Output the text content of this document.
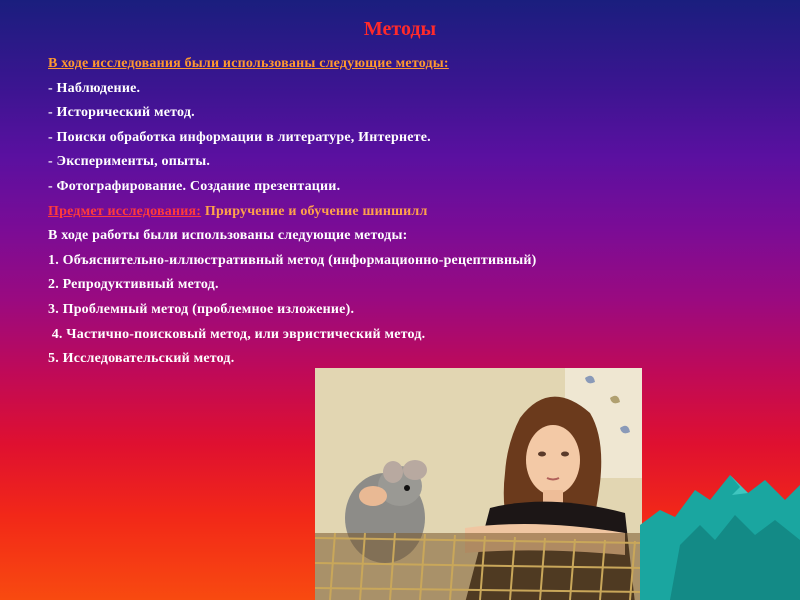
Методы
В ходе исследования были использованы следующие методы:
- Наблюдение.
- Исторический метод.
- Поиски обработка информации в литературе, Интернете.
- Эксперименты, опыты.
- Фотографирование. Создание презентации.
Предмет исследования: Приручение и обучение шиншилл
В ходе работы были использованы следующие методы:
1. Объяснительно-иллюстративный метод (информационно-рецептивный)
2. Репродуктивный метод.
3. Проблемный метод (проблемное изложение).
4. Частично-поисковый метод, или эвристический метод.
5. Исследовательский метод.
